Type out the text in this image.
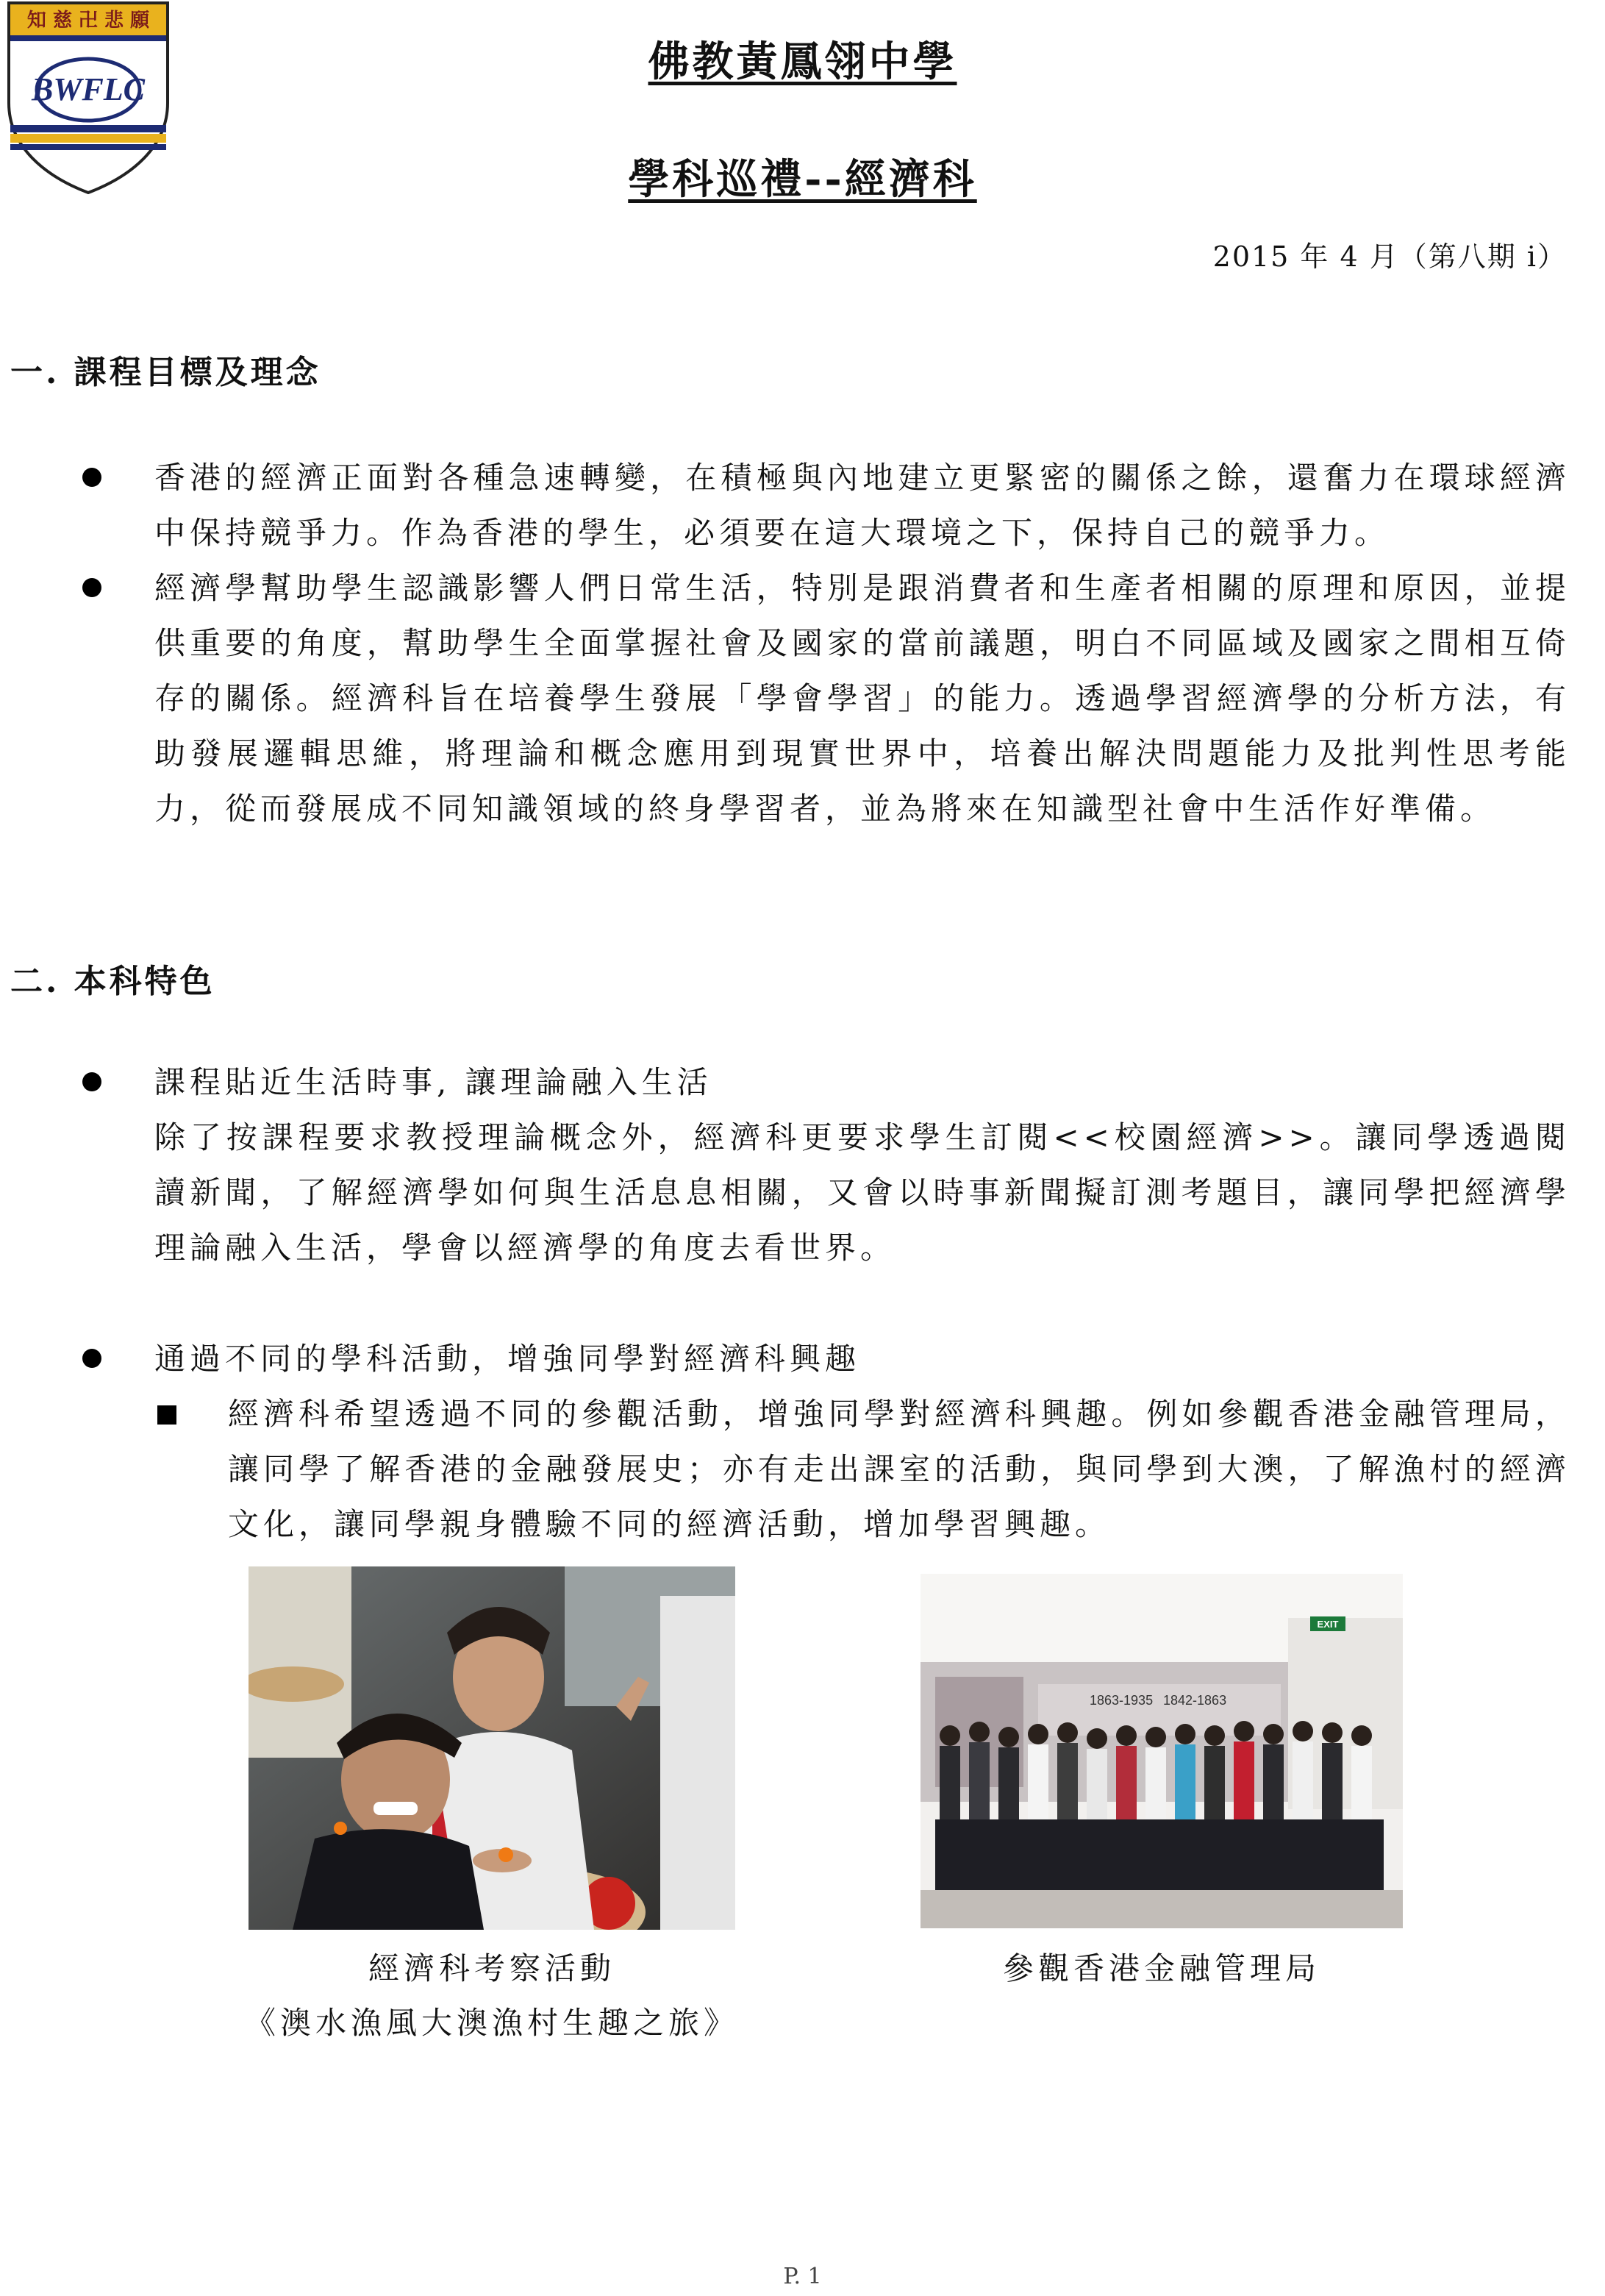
知 慈 卍 悲 願
BWFLC
佛教黃鳳翎中學
學科巡禮--經濟科
2015 年 4 月（第八期 i）
一. 課程目標及理念
香港的經濟正面對各種急速轉變，在積極與內地建立更緊密的關係之餘，還奮力在環球經濟中保持競爭力。作為香港的學生，必須要在這大環境之下，保持自己的競爭力。
經濟學幫助學生認識影響人們日常生活，特別是跟消費者和生產者相關的原理和原因，並提供重要的角度，幫助學生全面掌握社會及國家的當前議題，明白不同區域及國家之間相互倚存的關係。經濟科旨在培養學生發展「學會學習」的能力。透過學習經濟學的分析方法，有助發展邏輯思維，將理論和概念應用到現實世界中，培養出解決問題能力及批判性思考能力，從而發展成不同知識領域的終身學習者，並為將來在知識型社會中生活作好準備。
二. 本科特色
課程貼近生活時事, 讓理論融入生活
除了按課程要求教授理論概念外，經濟科更要求學生訂閱<<校園經濟>>。讓同學透過閱讀新聞，了解經濟學如何與生活息息相關，又會以時事新聞擬訂測考題目，讓同學把經濟學理論融入生活，學會以經濟學的角度去看世界。
通過不同的學科活動，增強同學對經濟科興趣
經濟科希望透過不同的參觀活動，增強同學對經濟科興趣。例如參觀香港金融管理局，讓同學了解香港的金融發展史；亦有走出課室的活動，與同學到大澳，了解漁村的經濟文化，讓同學親身體驗不同的經濟活動，增加學習興趣。
1863-1935 1842-1863
EXIT
經濟科考察活動
《澳水漁風大澳漁村生趣之旅》
參觀香港金融管理局
P. 1
